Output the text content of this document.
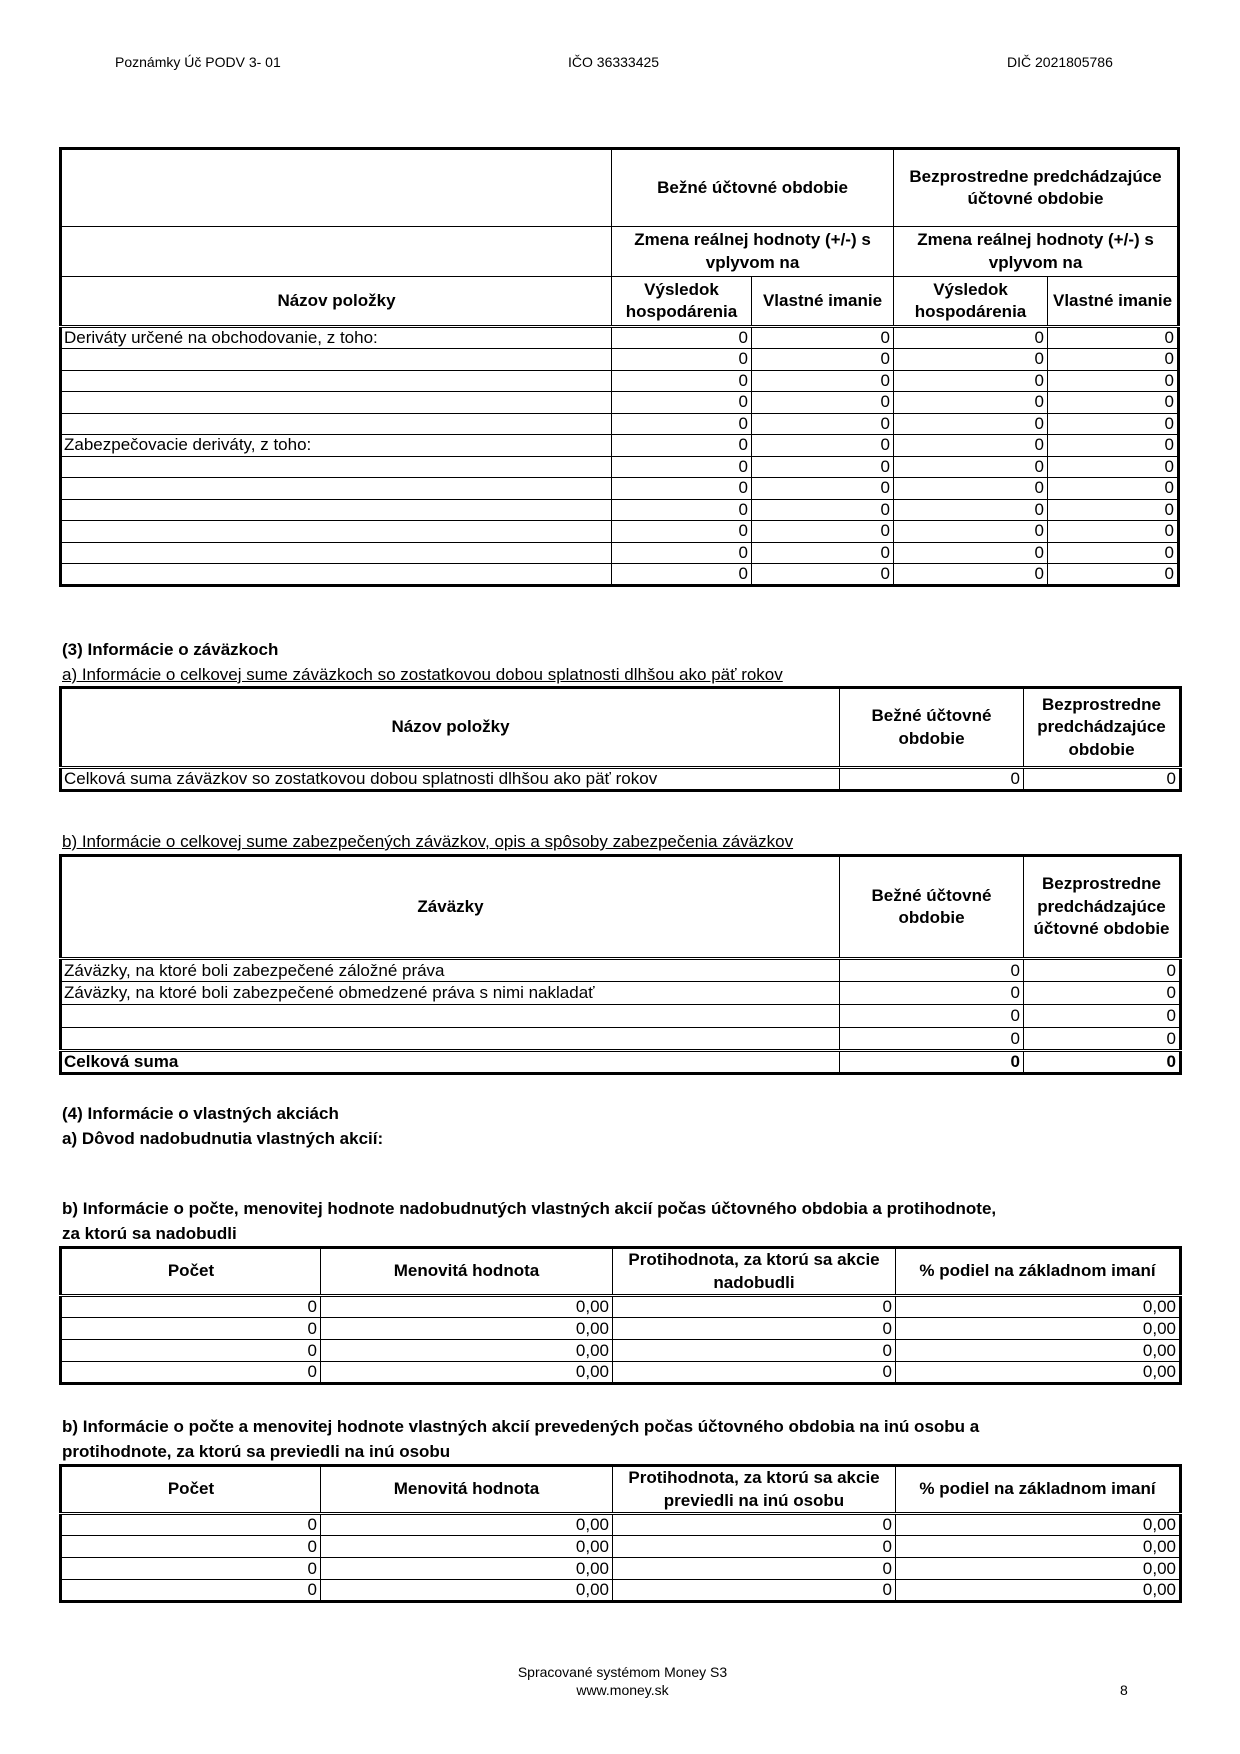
Poznámky Úč PODV 3- 01	IČO 36333425	DIČ 2021805786
	Bežné účtovné obdobie		Bezprostredne predchádzajúce účtovné obdobie	
	Zmena reálnej hodnoty (+/-) s vplyvom na		Zmena reálnej hodnoty (+/-) s vplyvom na	
Názov položky	Výsledok hospodárenia	Vlastné imanie	Výsledok hospodárenia	Vlastné imanie
Deriváty určené na obchodovanie, z toho:	0	0	0	0
	0	0	0	0
	0	0	0	0
	0	0	0	0
	0	0	0	0
Zabezpečovacie deriváty, z toho:	0	0	0	0
	0	0	0	0
	0	0	0	0
	0	0	0	0
	0	0	0	0
	0	0	0	0
	0	0	0	0
(3) Informácie o záväzkoch
a) Informácie o celkovej sume záväzkoch so zostatkovou dobou splatnosti dlhšou ako päť rokov
Názov položky	Bežné účtovné obdobie	Bezprostredne predchádzajúce obdobie
Celková suma záväzkov so zostatkovou dobou splatnosti dlhšou ako päť rokov	0	0
b) Informácie o celkovej sume zabezpečených záväzkov, opis a spôsoby zabezpečenia záväzkov
Záväzky	Bežné účtovné obdobie	Bezprostredne predchádzajúce účtovné obdobie
Záväzky, na ktoré boli zabezpečené záložné práva	0	0
Záväzky, na ktoré boli zabezpečené obmedzené práva s nimi nakladať	0	0
	0	0
	0	0
Celková suma	0	0
(4) Informácie o vlastných akciách
a) Dôvod nadobudnutia vlastných akcií:
b) Informácie o počte, menovitej hodnote nadobudnutých vlastných akcií počas účtovného obdobia a protihodnote,
za ktorú sa nadobudli
Počet	Menovitá hodnota	Protihodnota, za ktorú sa akcie nadobudli	% podiel na základnom imaní
0	0,00	0	0,00
0	0,00	0	0,00
0	0,00	0	0,00
0	0,00	0	0,00
b) Informácie o počte a menovitej hodnote vlastných akcií prevedených počas účtovného obdobia na inú osobu a
protihodnote, za ktorú sa previedli na inú osobu
Počet	Menovitá hodnota	Protihodnota, za ktorú sa akcie previedli na inú osobu	% podiel na základnom imaní
0	0,00	0	0,00
0	0,00	0	0,00
0	0,00	0	0,00
0	0,00	0	0,00
Spracované systémom Money S3
www.money.sk	8
